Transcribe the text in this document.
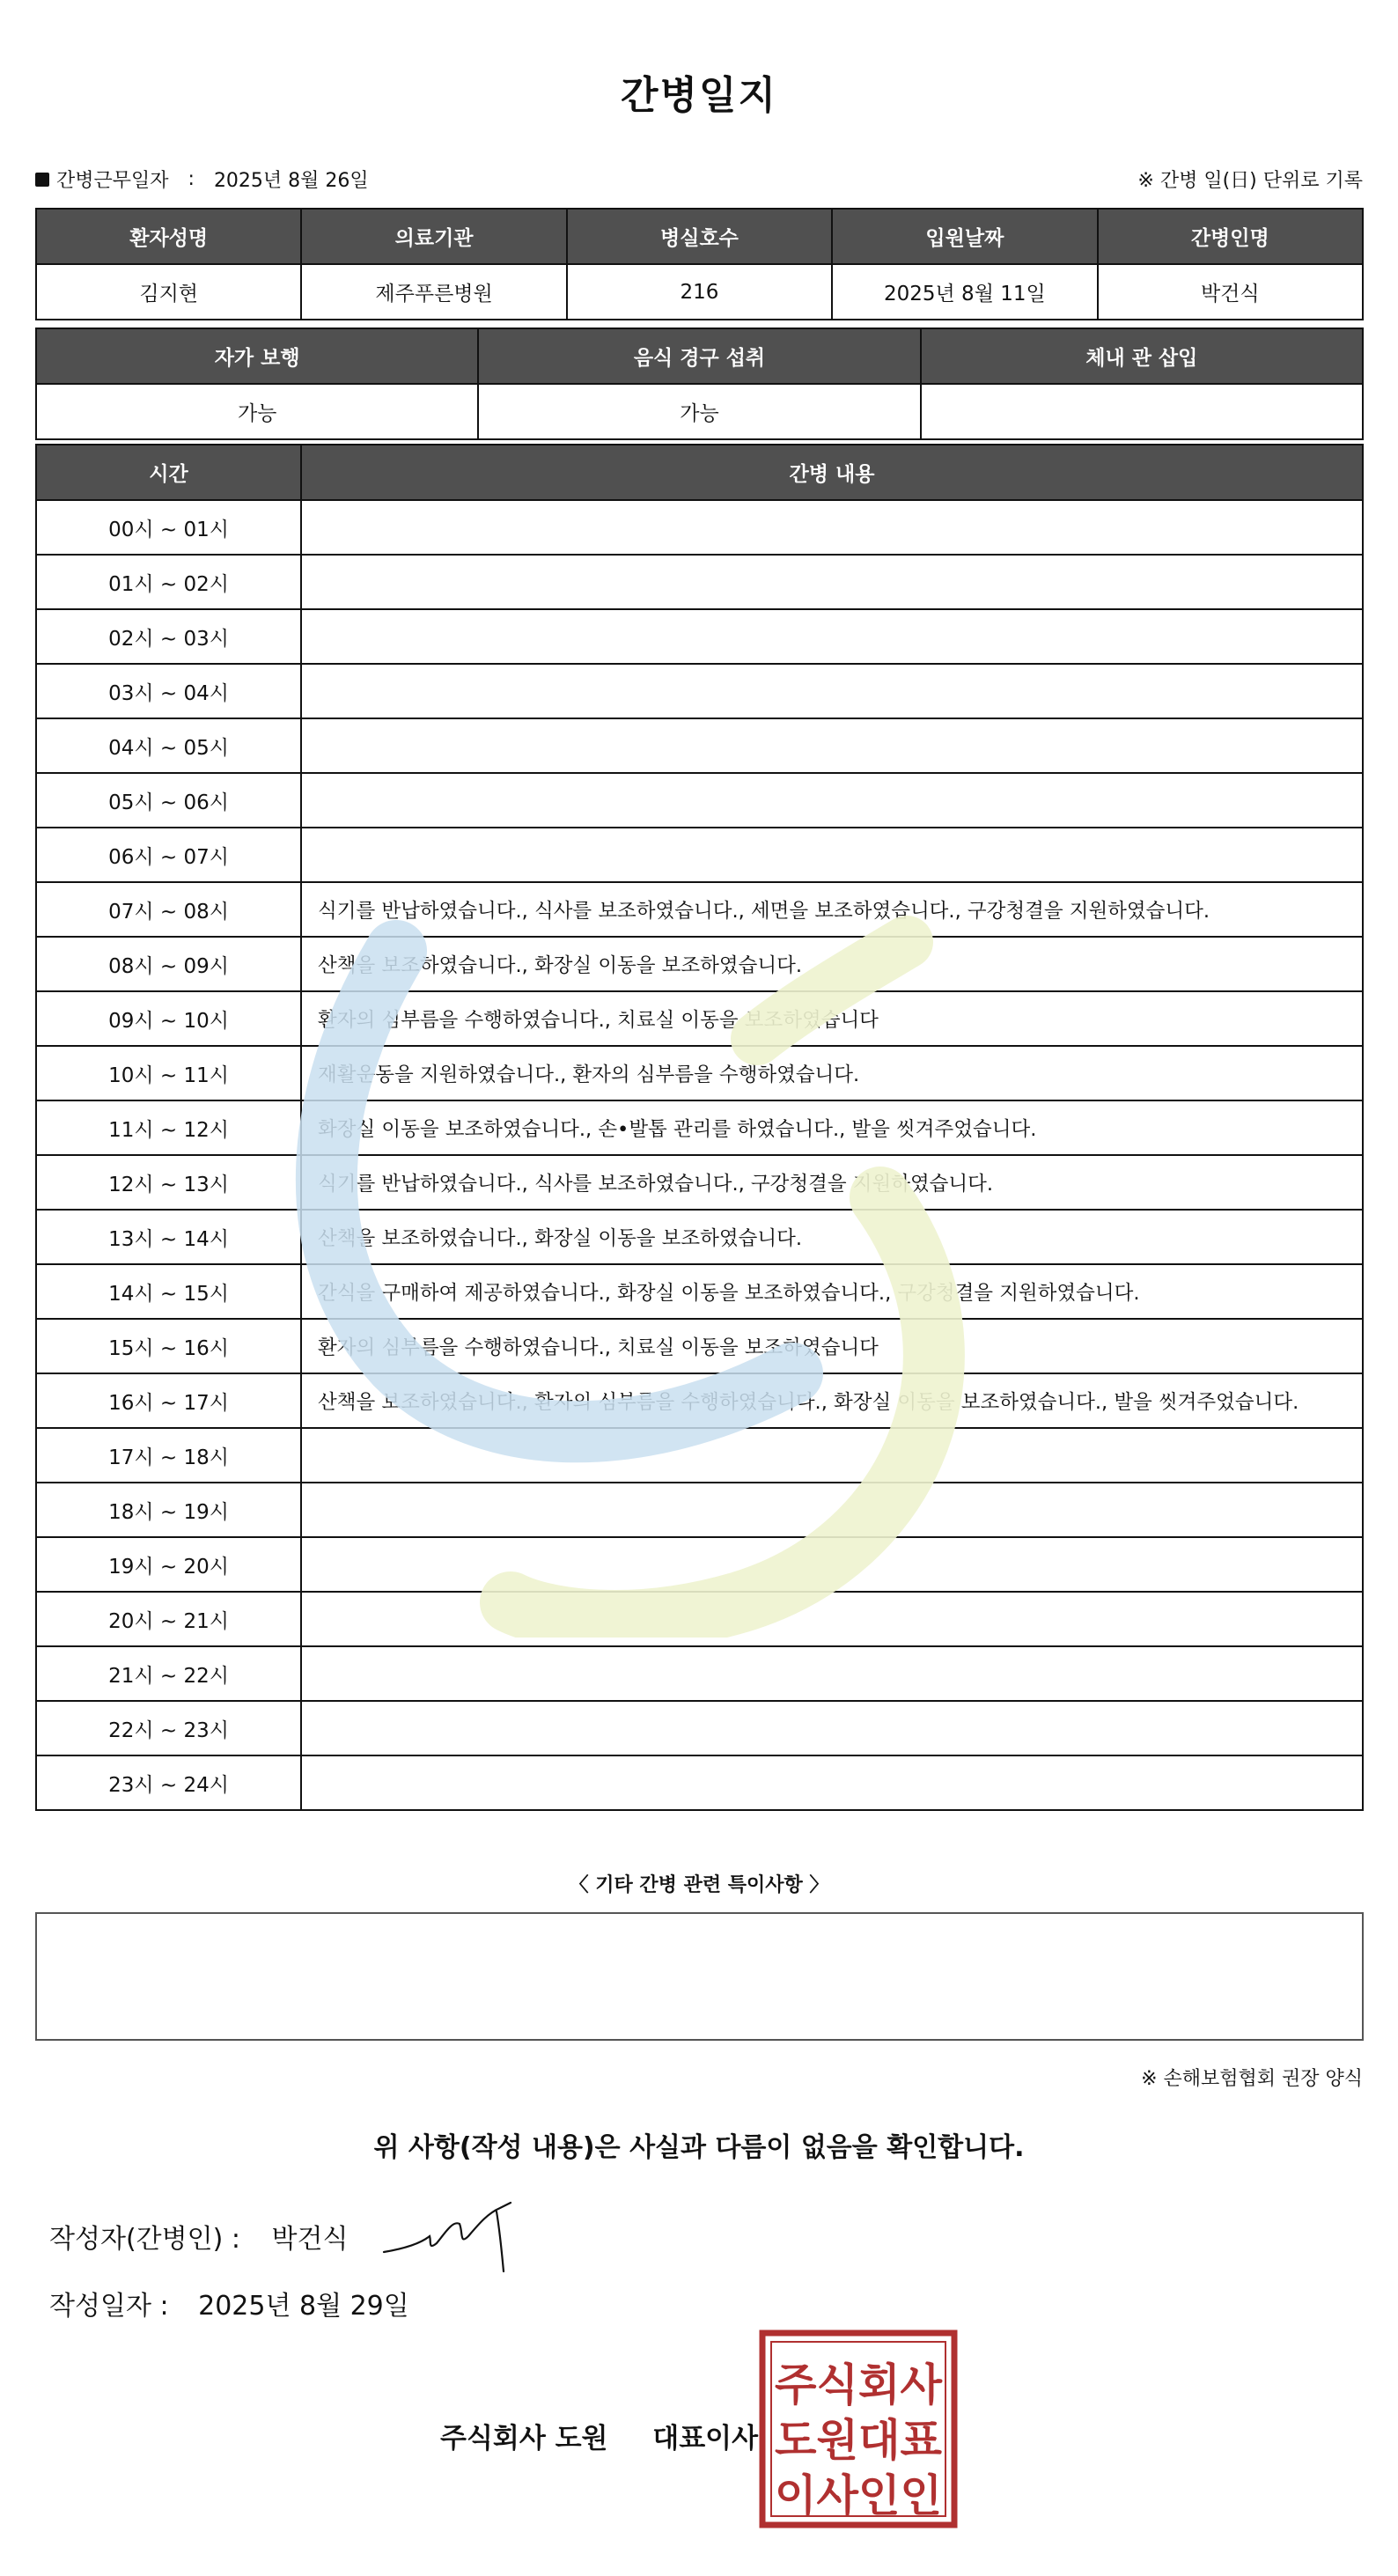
간병일지
간병근무일자 : 2025년 8월 26일	※ 간병 일(日) 단위로 기록
환자성명	의료기관	병실호수	입원날짜	간병인명
김지현	제주푸른병원	216	2025년 8월 11일	박건식
자가 보행	음식 경구 섭취	체내 관 삽입
가능	가능	
시간	간병 내용
00시 ~ 01시	
01시 ~ 02시	
02시 ~ 03시	
03시 ~ 04시	
04시 ~ 05시	
05시 ~ 06시	
06시 ~ 07시	
07시 ~ 08시	식기를 반납하였습니다., 식사를 보조하였습니다., 세면을 보조하였습니다., 구강청결을 지원하였습니다.
08시 ~ 09시	산책을 보조하였습니다., 화장실 이동을 보조하였습니다.
09시 ~ 10시	환자의 심부름을 수행하였습니다., 치료실 이동을 보조하였습니다
10시 ~ 11시	재활운동을 지원하였습니다., 환자의 심부름을 수행하였습니다.
11시 ~ 12시	화장실 이동을 보조하였습니다., 손•발톱 관리를 하였습니다., 발을 씻겨주었습니다.
12시 ~ 13시	식기를 반납하였습니다., 식사를 보조하였습니다., 구강청결을 지원하였습니다.
13시 ~ 14시	산책을 보조하였습니다., 화장실 이동을 보조하였습니다.
14시 ~ 15시	간식을 구매하여 제공하였습니다., 화장실 이동을 보조하였습니다., 구강청결을 지원하였습니다.
15시 ~ 16시	환자의 심부름을 수행하였습니다., 치료실 이동을 보조하였습니다
16시 ~ 17시	산책을 보조하였습니다., 환자의 심부름을 수행하였습니다., 화장실 이동을 보조하였습니다., 발을 씻겨주었습니다.
17시 ~ 18시	
18시 ~ 19시	
19시 ~ 20시	
20시 ~ 21시	
21시 ~ 22시	
22시 ~ 23시	
23시 ~ 24시	
〈 기타 간병 관련 특이사항 〉
※ 손해보험협회 권장 양식
위 사항(작성 내용)은 사실과 다름이 없음을 확인합니다.
작성자(간병인) : 박건식
작성일자 : 2025년 8월 29일
주식회사 도원 대표이사
주식회사
도원대표
이사인인
